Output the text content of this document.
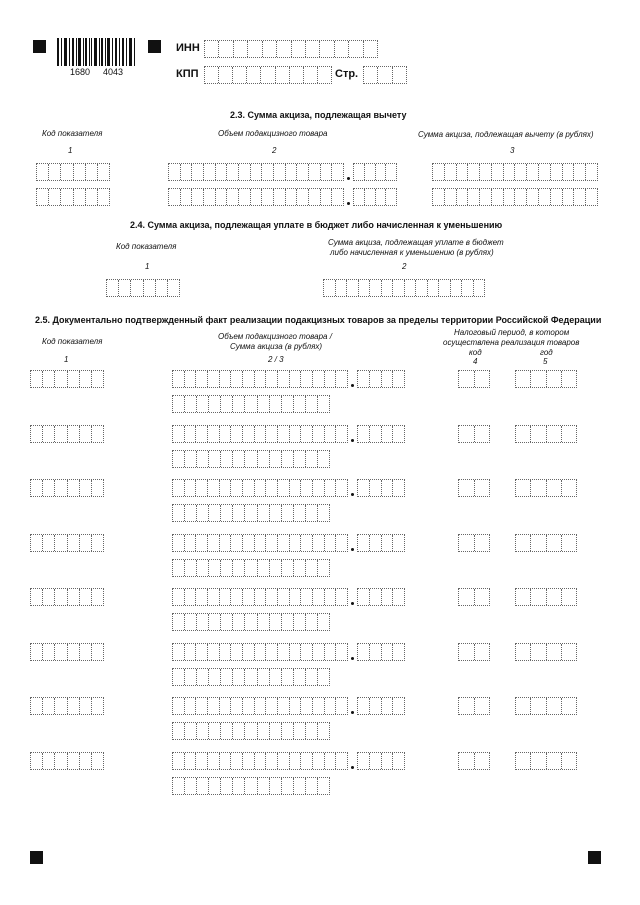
1680 4043
ИНН
КПП	Стр.
2.3. Сумма акциза, подлежащая вычету
Код показателя	Объем подакцизного товара	Сумма акциза, подлежащая вычету (в рублях)
1	2	3
2.4. Сумма акциза, подлежащая уплате в бюджет либо начисленная к уменьшению
Код показателя	Сумма акциза, подлежащая уплате в бюджет
либо начисленная к уменьшению (в рублях)
1	2
2.5. Документально подтвержденный факт реализации подакцизных товаров за пределы территории Российской Федерации
Код показателя
Объем подакцизного товара /
Сумма акциза (в рублях)
Налоговый период, в котором
осуществлена реализация товаров
код	год
1	2 / 3	4	5
